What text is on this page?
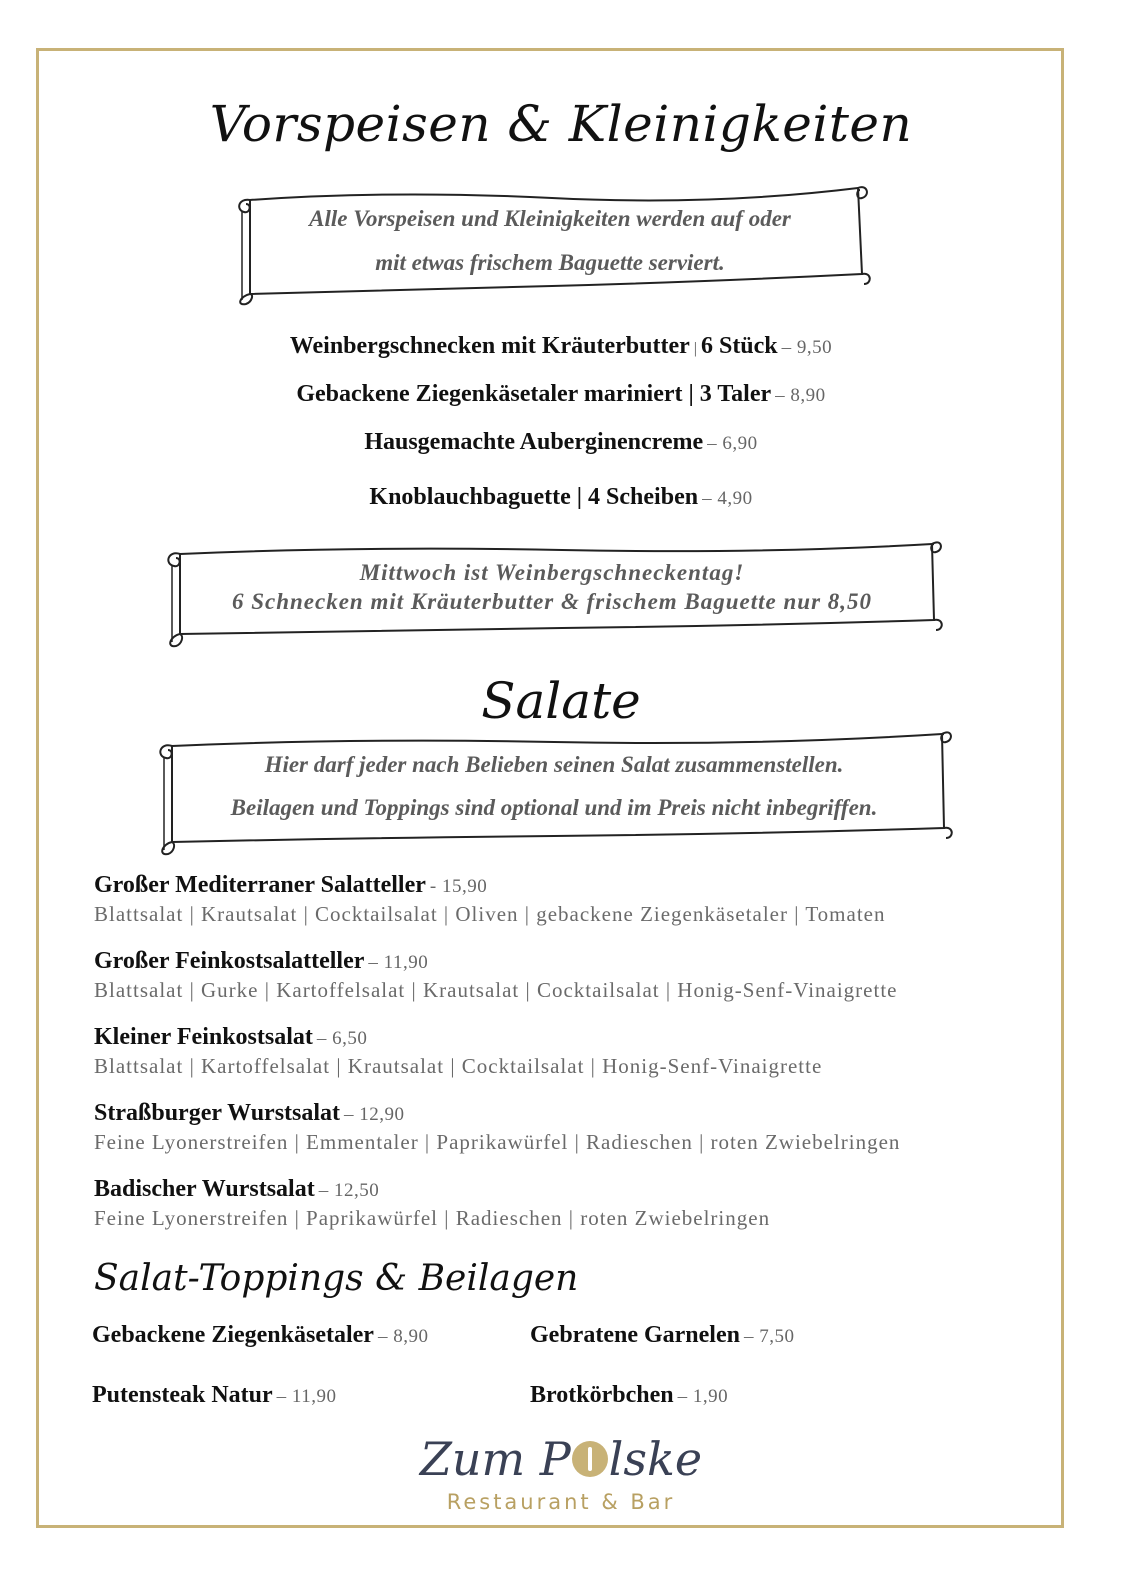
Vorspeisen & Kleinigkeiten
Alle Vorspeisen und Kleinigkeiten werden auf oder
mit etwas frischem Baguette serviert.
Weinbergschnecken mit Kräuterbutter | 6 Stück – 9,50
Gebackene Ziegenkäsetaler mariniert | 3 Taler – 8,90
Hausgemachte Auberginencreme – 6,90
Knoblauchbaguette | 4 Scheiben – 4,90
Mittwoch ist Weinbergschneckentag!
6 Schnecken mit Kräuterbutter & frischem Baguette nur 8,50
Salate
Hier darf jeder nach Belieben seinen Salat zusammenstellen.
Beilagen und Toppings sind optional und im Preis nicht inbegriffen.
Großer Mediterraner Salatteller - 15,90
Blattsalat | Krautsalat | Cocktailsalat | Oliven | gebackene Ziegenkäsetaler | Tomaten
Großer Feinkostsalatteller – 11,90
Blattsalat | Gurke | Kartoffelsalat | Krautsalat | Cocktailsalat | Honig-Senf-Vinaigrette
Kleiner Feinkostsalat – 6,50
Blattsalat | Kartoffelsalat | Krautsalat | Cocktailsalat | Honig-Senf-Vinaigrette
Straßburger Wurstsalat – 12,90
Feine Lyonerstreifen | Emmentaler | Paprikawürfel | Radieschen | roten Zwiebelringen
Badischer Wurstsalat – 12,50
Feine Lyonerstreifen | Paprikawürfel | Radieschen | roten Zwiebelringen
Salat-Toppings & Beilagen
Gebackene Ziegenkäsetaler – 8,90	Gebratene Garnelen – 7,50
Putensteak Natur – 11,90	Brotkörbchen – 1,90
Zum P lske
Restaurant & Bar
